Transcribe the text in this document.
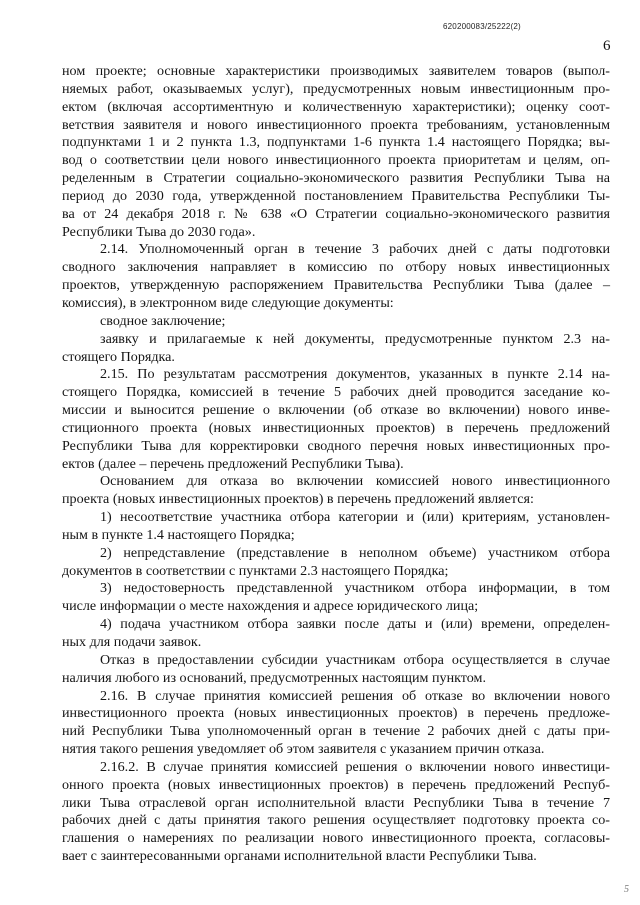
620200083/25222(2)
6
ном проекте; основные характеристики производимых заявителем товаров (выпол-
няемых работ, оказываемых услуг), предусмотренных новым инвестиционным про-
ектом (включая ассортиментную и количественную характеристики); оценку соот-
ветствия заявителя и нового инвестиционного проекта требованиям, установленным
подпунктами 1 и 2 пункта 1.3, подпунктами 1-6 пункта 1.4 настоящего Порядка; вы-
вод о соответствии цели нового инвестиционного проекта приоритетам и целям, оп-
ределенным в Стратегии социально-экономического развития Республики Тыва на
период до 2030 года, утвержденной постановлением Правительства Республики Ты-
ва от 24 декабря 2018 г. № 638 «О Стратегии социально-экономического развития
Республики Тыва до 2030 года».
2.14. Уполномоченный орган в течение 3 рабочих дней с даты подготовки
сводного заключения направляет в комиссию по отбору новых инвестиционных
проектов, утвержденную распоряжением Правительства Республики Тыва (далее –
комиссия), в электронном виде следующие документы:
сводное заключение;
заявку и прилагаемые к ней документы, предусмотренные пунктом 2.3 на-
стоящего Порядка.
2.15. По результатам рассмотрения документов, указанных в пункте 2.14 на-
стоящего Порядка, комиссией в течение 5 рабочих дней проводится заседание ко-
миссии и выносится решение о включении (об отказе во включении) нового инве-
стиционного проекта (новых инвестиционных проектов) в перечень предложений
Республики Тыва для корректировки сводного перечня новых инвестиционных про-
ектов (далее – перечень предложений Республики Тыва).
Основанием для отказа во включении комиссией нового инвестиционного
проекта (новых инвестиционных проектов) в перечень предложений является:
1) несоответствие участника отбора категории и (или) критериям, установлен-
ным в пункте 1.4 настоящего Порядка;
2) непредставление (представление в неполном объеме) участником отбора
документов в соответствии с пунктами 2.3 настоящего Порядка;
3) недостоверность представленной участником отбора информации, в том
числе информации о месте нахождения и адресе юридического лица;
4) подача участником отбора заявки после даты и (или) времени, определен-
ных для подачи заявок.
Отказ в предоставлении субсидии участникам отбора осуществляется в случае
наличия любого из оснований, предусмотренных настоящим пунктом.
2.16. В случае принятия комиссией решения об отказе во включении нового
инвестиционного проекта (новых инвестиционных проектов) в перечень предложе-
ний Республики Тыва уполномоченный орган в течение 2 рабочих дней с даты при-
нятия такого решения уведомляет об этом заявителя с указанием причин отказа.
2.16.2. В случае принятия комиссией решения о включении нового инвестици-
онного проекта (новых инвестиционных проектов) в перечень предложений Респуб-
лики Тыва отраслевой орган исполнительной власти Республики Тыва в течение 7
рабочих дней с даты принятия такого решения осуществляет подготовку проекта со-
глашения о намерениях по реализации нового инвестиционного проекта, согласовы-
вает с заинтересованными органами исполнительной власти Республики Тыва.
5
